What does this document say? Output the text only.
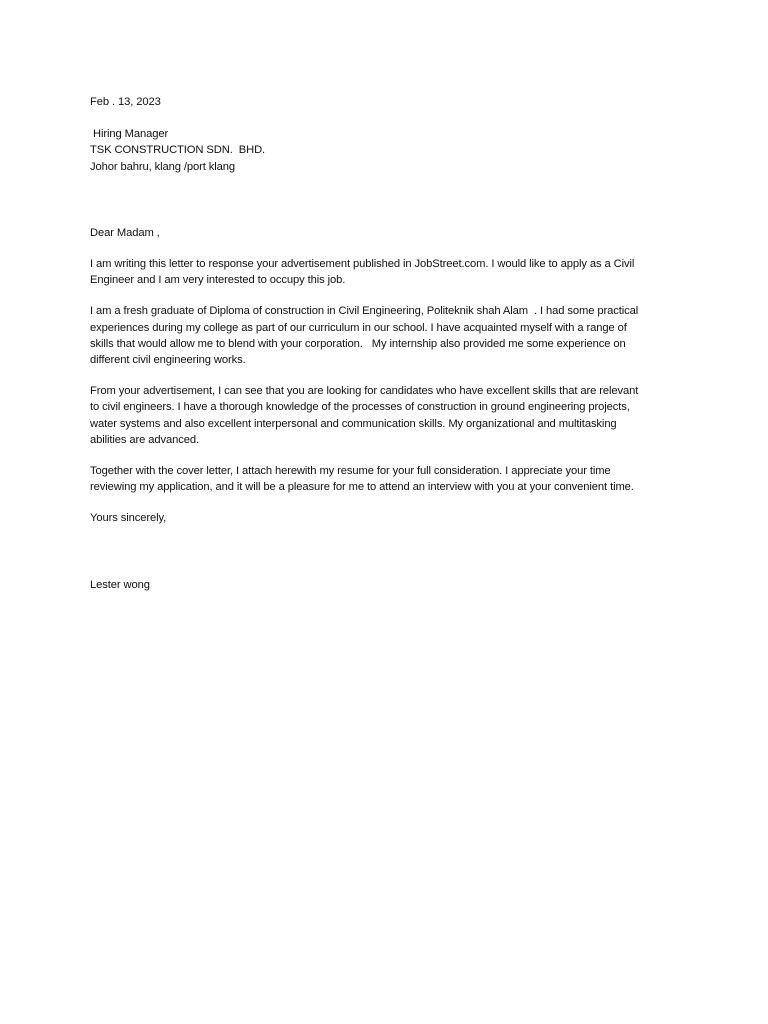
Feb . 13, 2023
Hiring Manager
TSK CONSTRUCTION SDN.  BHD.
Johor bahru, klang /port klang
Dear Madam ,
I am writing this letter to response your advertisement published in JobStreet.com. I would like to apply as a Civil
Engineer and I am very interested to occupy this job.
I am a fresh graduate of Diploma of construction in Civil Engineering, Politeknik shah Alam  . I had some practical
experiences during my college as part of our curriculum in our school. I have acquainted myself with a range of
skills that would allow me to blend with your corporation.   My internship also provided me some experience on
different civil engineering works.
From your advertisement, I can see that you are looking for candidates who have excellent skills that are relevant
to civil engineers. I have a thorough knowledge of the processes of construction in ground engineering projects,
water systems and also excellent interpersonal and communication skills. My organizational and multitasking
abilities are advanced.
Together with the cover letter, I attach herewith my resume for your full consideration. I appreciate your time
reviewing my application, and it will be a pleasure for me to attend an interview with you at your convenient time.
Yours sincerely,
Lester wong
